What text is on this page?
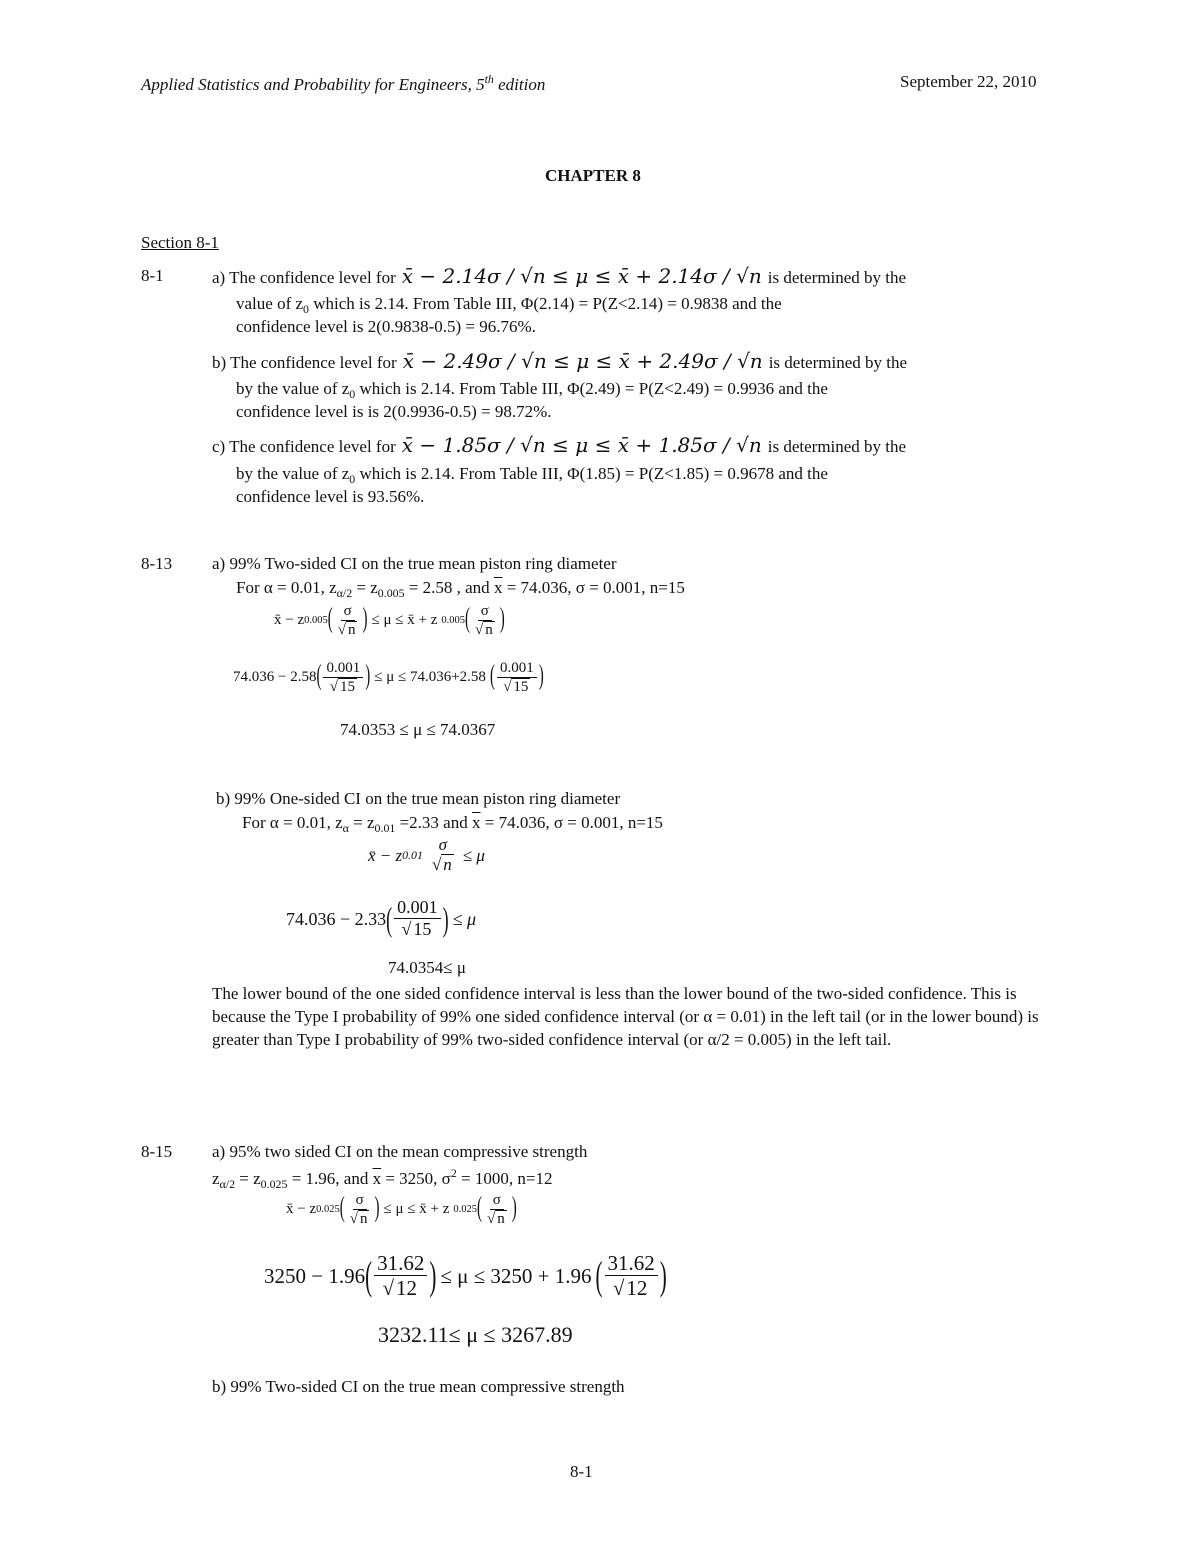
Applied Statistics and Probability for Engineers, 5th edition	September 22, 2010
CHAPTER 8
Section 8-1
8-1	a) The confidence level for x̄ − 2.14σ / √n ≤ μ ≤ x̄ + 2.14σ / √n is determined by the
value of $z_0$ which is 2.14. From Table III, Φ(2.14) = P(Z<2.14) = 0.9838 and the
confidence level is 2(0.9838-0.5) = 96.76%.
b) The confidence level for x̄ − 2.49σ / √n ≤ μ ≤ x̄ + 2.49σ / √n is determined by the
by the value of $z_0$ which is 2.14. From Table III, Φ(2.49) = P(Z<2.49) = 0.9936 and the
confidence level is is 2(0.9936-0.5) = 98.72%.
c) The confidence level for x̄ − 1.85σ / √n ≤ μ ≤ x̄ + 1.85σ / √n is determined by the
by the value of $z_0$ which is 2.14. From Table III, Φ(1.85) = P(Z<1.85) = 0.9678 and the
confidence level is 93.56%.
8-13 a) 99% Two-sided CI on the true mean piston ring diameter
For α = 0.01, $z_{\alpha/2} = z_{0.005} = 2.58$ , and $\overline{x} = 74.036$, σ = 0.001, n=15
x̄ − z 0.005 ( $\frac{\sigma}{√ n}$ ) ≤ μ ≤ x̄ + z 0.005 ( $\frac{\sigma}{√ n}$ )
74.036 − 2.58 ( $\frac{0.001}{√ 15}$ ) ≤ μ ≤ 74.036+2.58 ( $\frac{0.001}{√ 15}$ )
74.0353 ≤ μ ≤ 74.0367
b) 99% One-sided CI on the true mean piston ring diameter
For α = 0.01, $z_\alpha = z_{0.01} =2.33$ and $\overline{x} = 74.036$, σ = 0.001, n=15
x̄ − z 0.01
σ
√ n ≤ μ
74.036 − 2.33 ( $\frac{0.001}{√ 15}$ ) ≤ μ
74.0354≤ μ
The lower bound of the one sided confidence interval is less than the lower bound of the two-sided confidence. This is because the Type I probability of 99% one sided confidence interval (or α = 0.01) in the left tail (or in the lower bound) is greater than Type I probability of 99% two-sided confidence interval (or α/2 = 0.005) in the left tail.
8-15 a) 95% two sided CI on the mean compressive strength
$z_{\alpha/2} = z_{0.025} = 1.96$, and $\overline{x} = 3250$, $\sigma^2 = 1000$, n=12
x̄ − z 0.025 ( $\frac{\sigma}{√ n}$ ) ≤ μ ≤ x̄ + z 0.025 ( $\frac{\sigma}{√ n}$ )
3250 − 1.96 ( $\frac{31.62}{√12}$ ) ≤ μ ≤ 3250 + 1.96 ( $\frac{31.62}{√12}$ )
3232.11≤ μ ≤ 3267.89
b) 99% Two-sided CI on the true mean compressive strength
8-1
